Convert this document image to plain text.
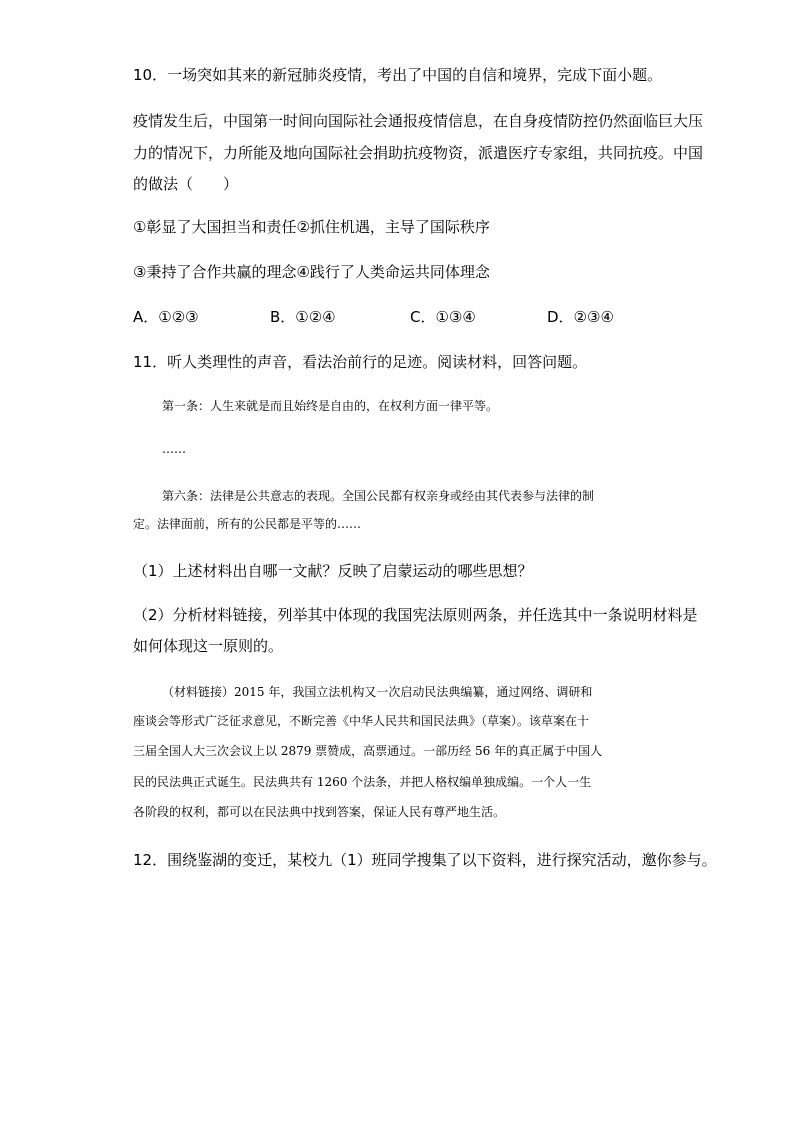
10．一场突如其来的新冠肺炎疫情，考出了中国的自信和境界，完成下面小题。
疫情发生后，中国第一时间向国际社会通报疫情信息，在自身疫情防控仍然面临巨大压
力的情况下，力所能及地向国际社会捐助抗疫物资，派遣医疗专家组，共同抗疫。中国
的做法（　　）
①彰显了大国担当和责任②抓住机遇，主导了国际秩序
③秉持了合作共赢的理念④践行了人类命运共同体理念
A．①②③	B．①②④	C．①③④	D．②③④
11．听人类理性的声音，看法治前行的足迹。阅读材料，回答问题。
第一条：人生来就是而且始终是自由的，在权利方面一律平等。
……
第六条：法律是公共意志的表现。全国公民都有权亲身或经由其代表参与法律的制
定。法律面前，所有的公民都是平等的……
（1）上述材料出自哪一文献？反映了启蒙运动的哪些思想？
（2）分析材料链接，列举其中体现的我国宪法原则两条，并任选其中一条说明材料是
如何体现这一原则的。
（材料链接）2015 年，我国立法机构又一次启动民法典编纂，通过网络、调研和
座谈会等形式广泛征求意见，不断完善《中华人民共和国民法典》（草案）。该草案在十
三届全国人大三次会议上以 2879 票赞成，高票通过。一部历经 56 年的真正属于中国人
民的民法典正式诞生。民法典共有 1260 个法条，并把人格权编单独成编。一个人一生
各阶段的权利，都可以在民法典中找到答案，保证人民有尊严地生活。
12．围绕鉴湖的变迁，某校九（1）班同学搜集了以下资料，进行探究活动，邀你参与。
